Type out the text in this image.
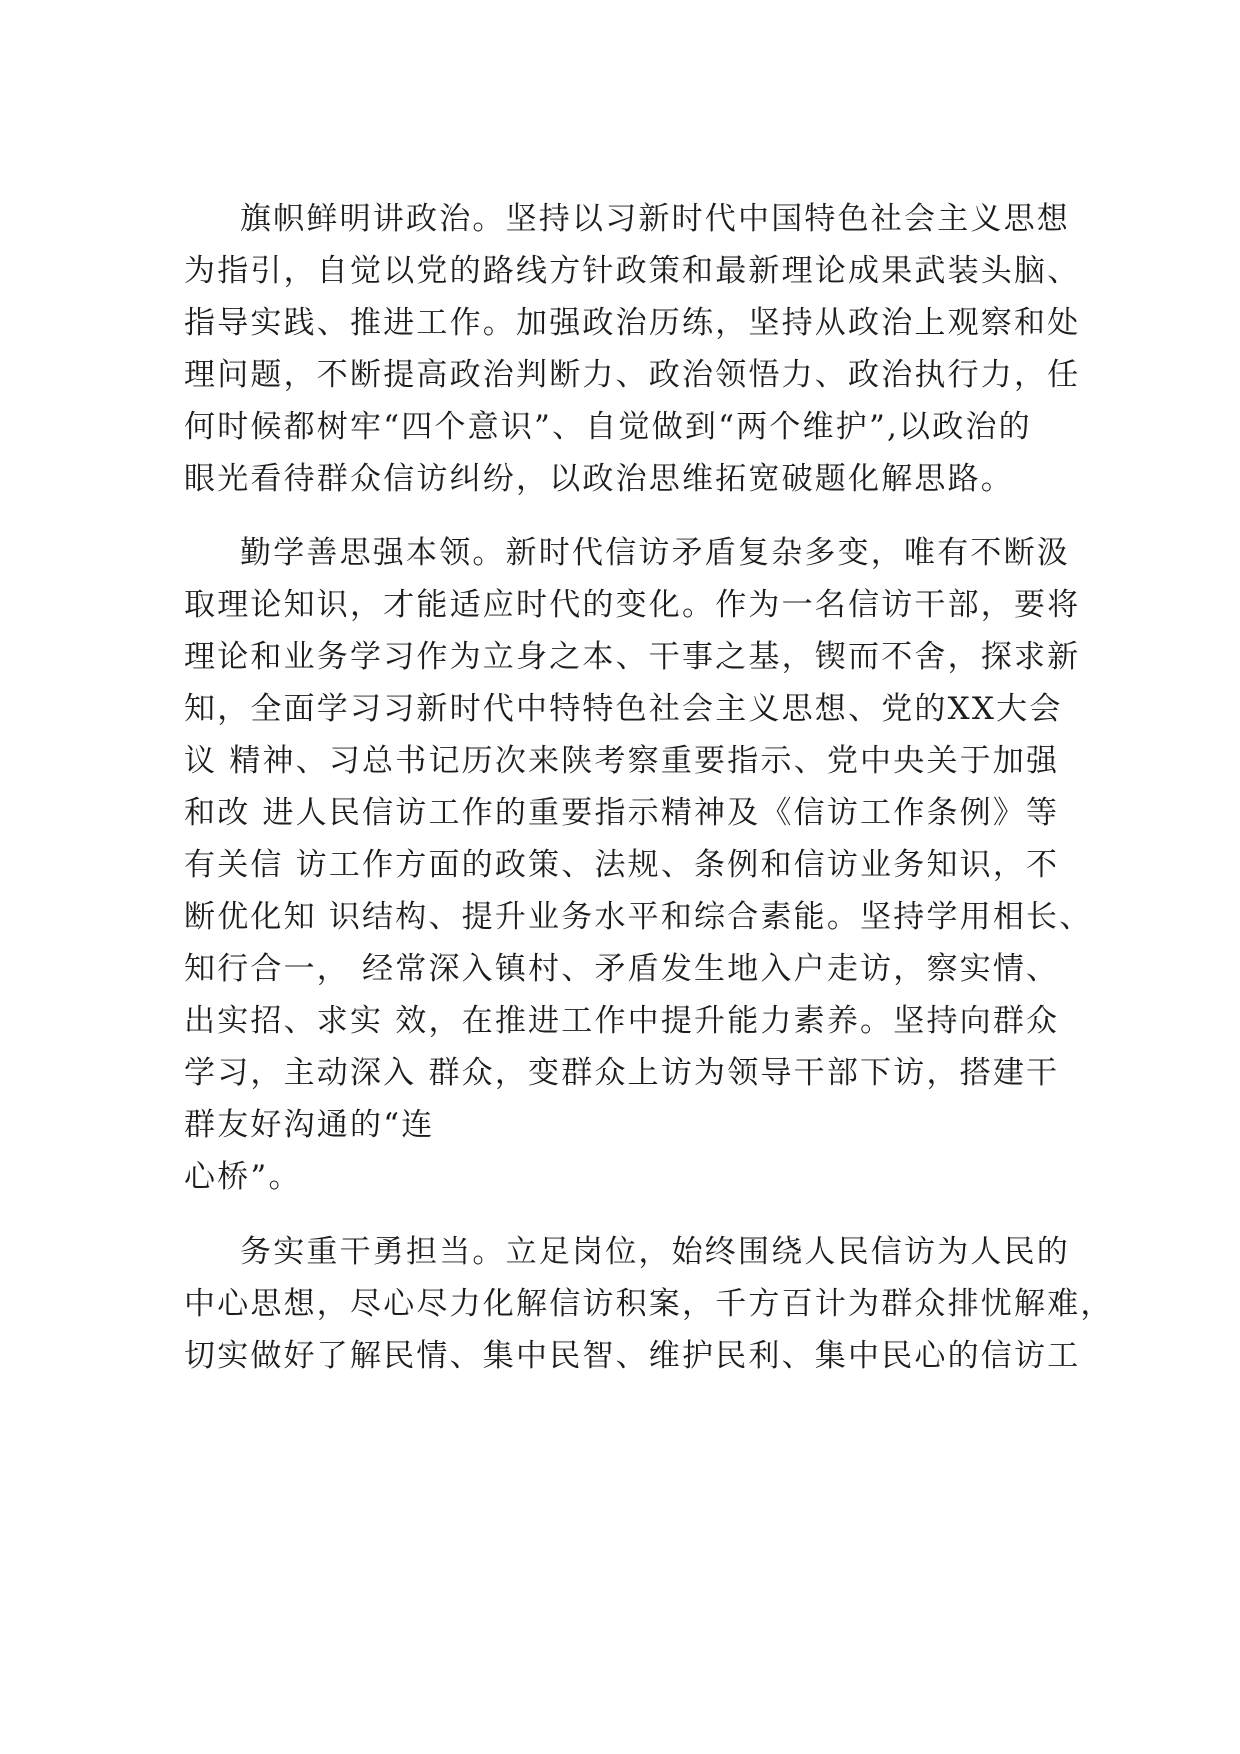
旗帜鲜明讲政治。坚持以习新时代中国特色社会主义思想
为指引，自觉以党的路线方针政策和最新理论成果武装头脑、
指导实践、推进工作。加强政治历练，坚持从政治上观察和处
理问题，不断提高政治判断力、政治领悟力、政治执行力，任
何时候都树牢“四个意识”、自觉做到“两个维护”,以政治的
眼光看待群众信访纠纷，以政治思维拓宽破题化解思路。
勤学善思强本领。新时代信访矛盾复杂多变，唯有不断汲
取理论知识，才能适应时代的变化。作为一名信访干部，要将
理论和业务学习作为立身之本、干事之基，锲而不舍，探求新
知，全面学习习新时代中特特色社会主义思想、党的XX大会
议 精神、习总书记历次来陕考察重要指示、党中央关于加强
和改 进人民信访工作的重要指示精神及《信访工作条例》等
有关信 访工作方面的政策、法规、条例和信访业务知识，不
断优化知 识结构、提升业务水平和综合素能。坚持学用相长、
知行合一， 经常深入镇村、矛盾发生地入户走访，察实情、
出实招、求实 效，在推进工作中提升能力素养。坚持向群众
学习，主动深入 群众，变群众上访为领导干部下访，搭建干
群友好沟通的“连
心桥”。
务实重干勇担当。立足岗位，始终围绕人民信访为人民的
中心思想，尽心尽力化解信访积案，千方百计为群众排忧解难，
切实做好了解民情、集中民智、维护民利、集中民心的信访工
